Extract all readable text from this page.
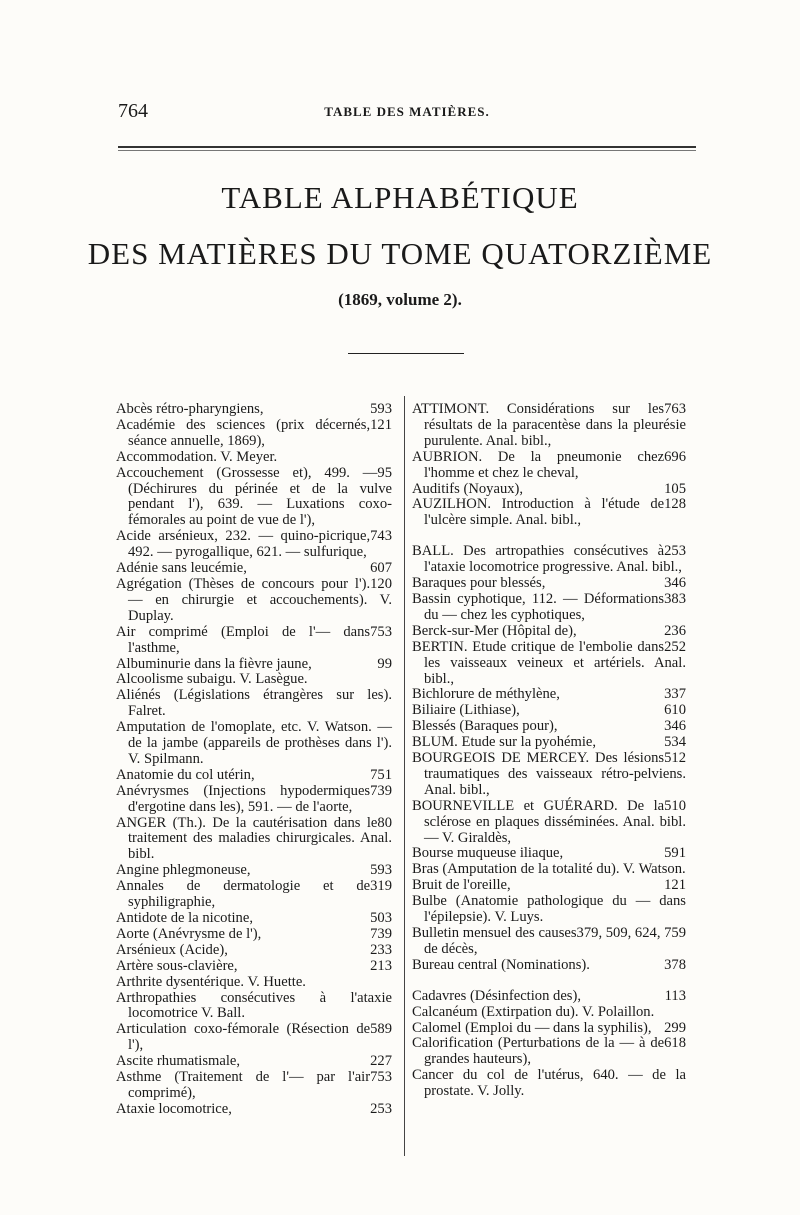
764	TABLE DES MATIÈRES.
TABLE ALPHABÉTIQUE
DES MATIÈRES DU TOME QUATORZIÈME
(1869, volume 2).

593
Abcès rétro-pharyngiens,

121
Académie des sciences (prix décernés, séance annuelle, 1869),

Accommodation. V. Meyer.

95
Accouchement (Grossesse et), 499. — (Déchirures du périnée et de la vulve pendant l'), 639. — Luxations coxo-fémorales au point de vue de l'),

743
Acide arsénieux, 232. — quino-picrique, 492. — pyrogallique, 621. — sulfurique,

607
Adénie sans leucémie,

120
Agrégation (Thèses de concours pour l'). — en chirurgie et accouchements). V. Duplay.

753
Air comprimé (Emploi de l'— dans l'asthme,

99
Albuminurie dans la fièvre jaune,

Alcoolisme subaigu. V. Lasègue.

Aliénés (Législations étrangères sur les). Falret.

Amputation de l'omoplate, etc. V. Watson. — de la jambe (appareils de prothèses dans l'). V. Spilmann.

751
Anatomie du col utérin,

739
Anévrysmes (Injections hypodermiques d'ergotine dans les), 591. — de l'aorte,

80
ANGER (Th.). De la cautérisation dans le traitement des maladies chirurgicales. Anal. bibl.

593
Angine phlegmoneuse,

319
Annales de dermatologie et de syphiligraphie,

503
Antidote de la nicotine,

739
Aorte (Anévrysme de l'),

233
Arsénieux (Acide),

213
Artère sous-clavière,

Arthrite dysentérique. V. Huette.

Arthropathies consécutives à l'ataxie locomotrice V. Ball.

589
Articulation coxo-fémorale (Résection de l'),

227
Ascite rhumatismale,

753
Asthme (Traitement de l'— par l'air comprimé),

253
Ataxie locomotrice,

763
ATTIMONT. Considérations sur les résultats de la paracentèse dans la pleurésie purulente. Anal. bibl.,

696
AUBRION. De la pneumonie chez l'homme et chez le cheval,

105
Auditifs (Noyaux),

128
AUZILHON. Introduction à l'étude de l'ulcère simple. Anal. bibl.,

253
BALL. Des artropathies consécutives à l'ataxie locomotrice progressive. Anal. bibl.,

346
Baraques pour blessés,

383
Bassin cyphotique, 112. — Déformations du — chez les cyphotiques,

236
Berck-sur-Mer (Hôpital de),

252
BERTIN. Etude critique de l'embolie dans les vaisseaux veineux et artériels. Anal. bibl.,

337
Bichlorure de méthylène,

610
Biliaire (Lithiase),

346
Blessés (Baraques pour),

534
BLUM. Etude sur la pyohémie,

512
BOURGEOIS DE MERCEY. Des lésions traumatiques des vaisseaux rétro-pelviens. Anal. bibl.,

510
BOURNEVILLE et GUÉRARD. De la sclérose en plaques disséminées. Anal. bibl. — V. Giraldès,

591
Bourse muqueuse iliaque,

Bras (Amputation de la totalité du). V. Watson.

121
Bruit de l'oreille,

Bulbe (Anatomie pathologique du — dans l'épilepsie). V. Luys.

379, 509, 624, 759
Bulletin mensuel des causes de décès,

378
Bureau central (Nominations).

113
Cadavres (Désinfection des),

Calcanéum (Extirpation du). V. Polaillon.

299
Calomel (Emploi du — dans la syphilis),

618
Calorification (Perturbations de la — à de grandes hauteurs),

Cancer du col de l'utérus, 640. — de la prostate. V. Jolly.
